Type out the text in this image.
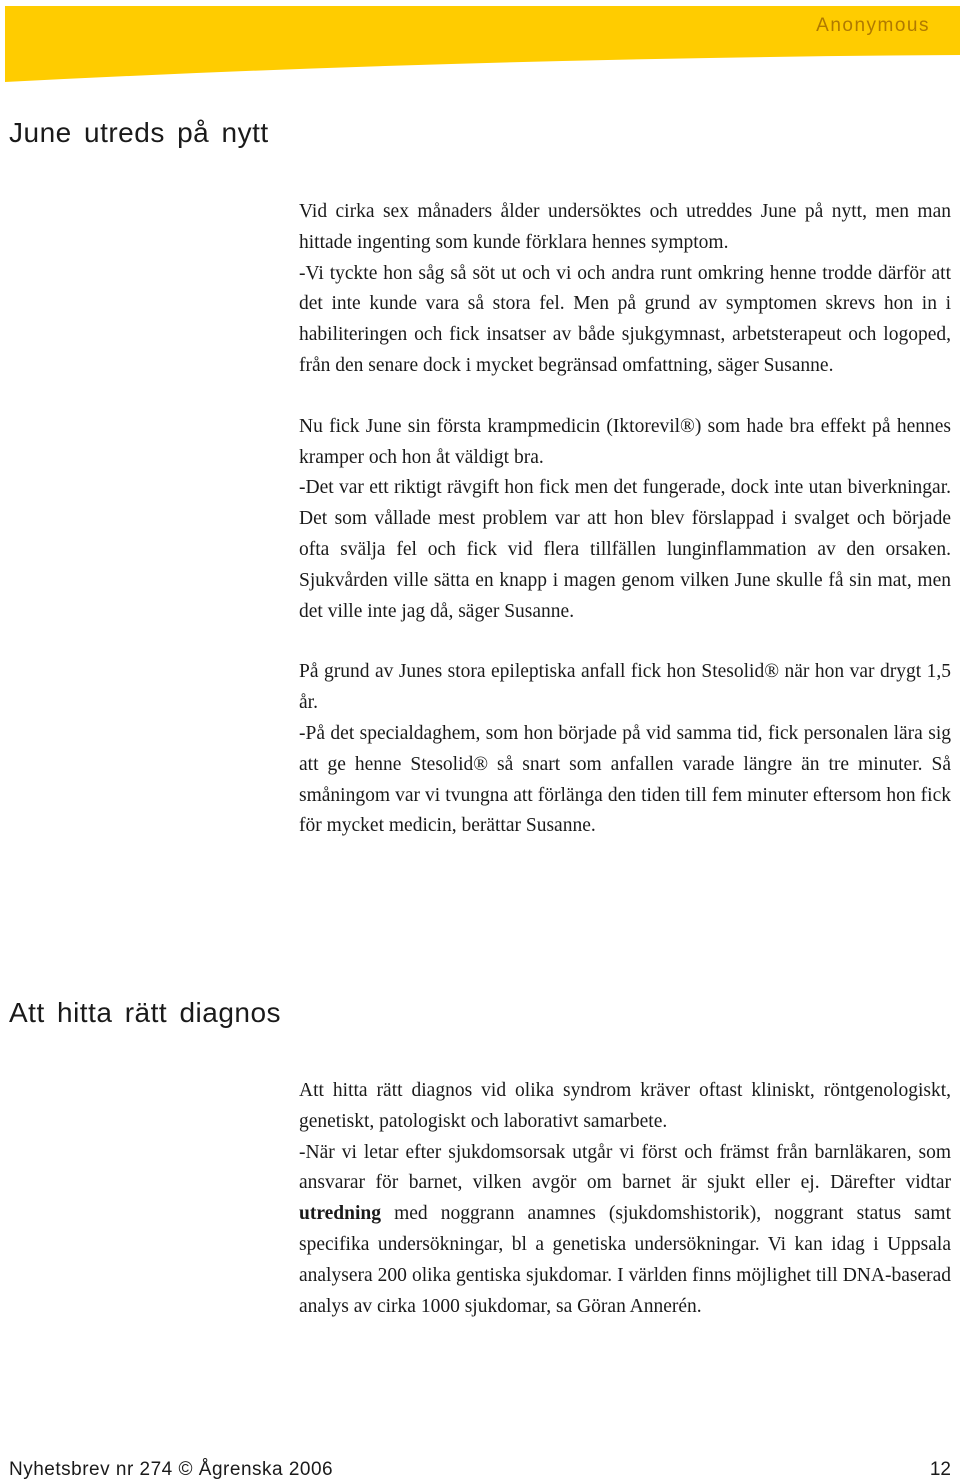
Anonymous
June utreds på nytt

Vid cirka sex månaders ålder undersöktes och utreddes June på nytt, men man hittade ingenting som kunde förklara hennes symptom.
-Vi tyckte hon såg så söt ut och vi och andra runt omkring henne trodde därför att det inte kunde vara så stora fel. Men på grund av symptomen skrevs hon in i habiliteringen och fick insatser av både sjukgymnast, arbetsterapeut och logoped, från den senare dock i mycket begränsad omfattning, säger Susanne.

Nu fick June sin första krampmedicin (Iktorevil®) som hade bra effekt på hennes kramper och hon åt väldigt bra.
-Det var ett riktigt rävgift hon fick men det fungerade, dock inte utan biverkningar. Det som vållade mest problem var att hon blev förslappad i svalget och började ofta svälja fel och fick vid flera tillfällen lunginflammation av den orsaken. Sjukvården ville sätta en knapp i magen genom vilken June skulle få sin mat, men det ville inte jag då, säger Susanne.

På grund av Junes stora epileptiska anfall fick hon Stesolid® när hon var drygt 1,5 år.
-På det specialdaghem, som hon började på vid samma tid, fick personalen lära sig att ge henne Stesolid® så snart som anfallen varade längre än tre minuter. Så småningom var vi tvungna att förlänga den tiden till fem minuter eftersom hon fick för mycket medicin, berättar Susanne.

Att hitta rätt diagnos

Att hitta rätt diagnos vid olika syndrom kräver oftast kliniskt, röntgenologiskt, genetiskt, patologiskt och laborativt samarbete.
-När vi letar efter sjukdomsorsak utgår vi först och främst från barnläkaren, som ansvarar för barnet, vilken avgör om barnet är sjukt eller ej. Därefter vidtar utredning med noggrann anamnes (sjukdomshistorik), noggrant status samt specifika undersökningar, bl a genetiska undersökningar. Vi kan idag i Uppsala analysera 200 olika gentiska sjukdomar. I världen finns möjlighet till DNA-baserad analys av cirka 1000 sjukdomar, sa Göran Annerén.

Nyhetsbrev nr 274 © Ågrenska 2006	12
